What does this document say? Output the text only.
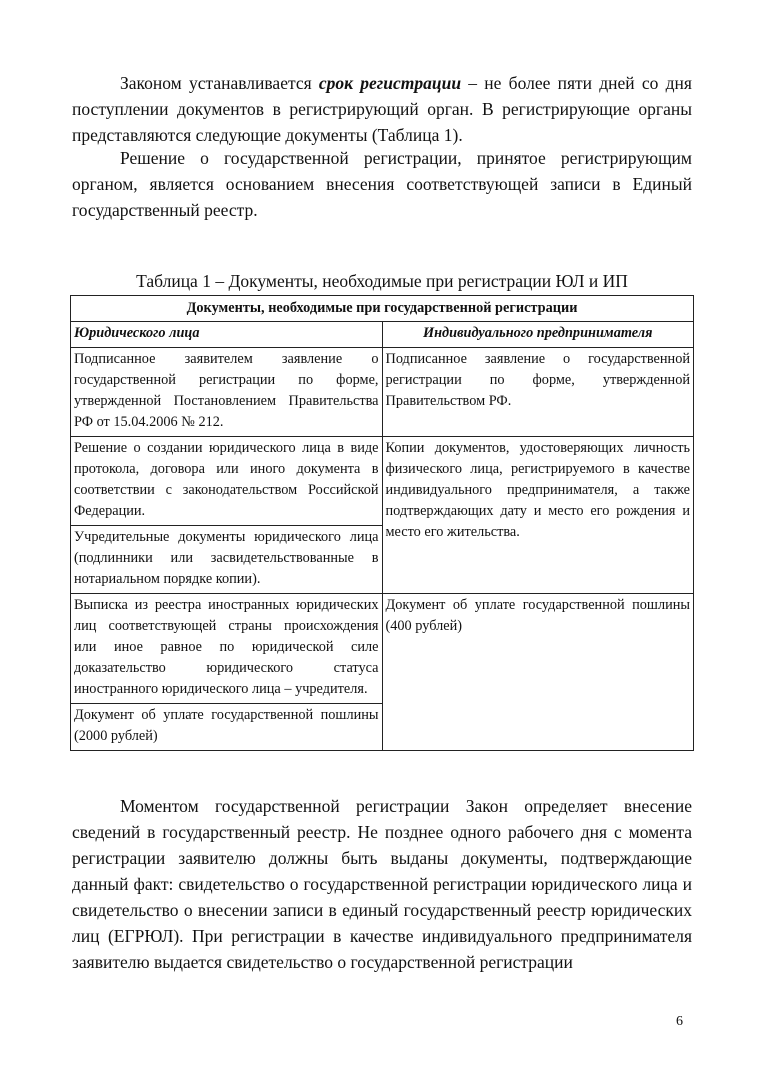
Законом устанавливается срок регистрации – не более пяти дней со дня поступлении документов в регистрирующий орган. В регистрирующие органы представляются следующие документы (Таблица 1).

Решение о государственной регистрации, принятое регистрирующим органом, является основанием внесения соответствующей записи в Единый государственный реестр.

Таблица 1 – Документы, необходимые при регистрации ЮЛ и ИП
Документы, необходимые при государственной регистрации	
Юридического лица	Индивидуального предпринимателя
Подписанное заявителем заявление о государственной регистрации по форме, утвержденной Постановлением Правительства РФ от 15.04.2006 № 212.	Подписанное заявление о государственной регистрации по форме, утвержденной Правительством РФ.
Решение о создании юридического лица в виде протокола, договора или иного документа в соответствии с законодательством Российской Федерации.	Копии документов, удостоверяющих личность физического лица, регистрируемого в качестве индивидуального предпринимателя, а также подтверждающих дату и место его рождения и место его жительства.
Учредительные документы юридического лица (подлинники или засвидетельствованные в нотариальном порядке копии).	
Выписка из реестра иностранных юридических лиц соответствующей страны происхождения или иное равное по юридической силе доказательство юридического статуса иностранного юридического лица – учредителя.	Документ об уплате государственной пошлины (400 рублей)
Документ об уплате государственной пошлины (2000 рублей)	

Моментом государственной регистрации Закон определяет внесение сведений в государственный реестр. Не позднее одного рабочего дня с момента регистрации заявителю должны быть выданы документы, подтверждающие данный факт: свидетельство о государственной регистрации юридического лица и свидетельство о внесении записи в единый государственный реестр юридических лиц (ЕГРЮЛ). При регистрации в качестве индивидуального предпринимателя заявителю выдается свидетельство о государственной регистрации

6
